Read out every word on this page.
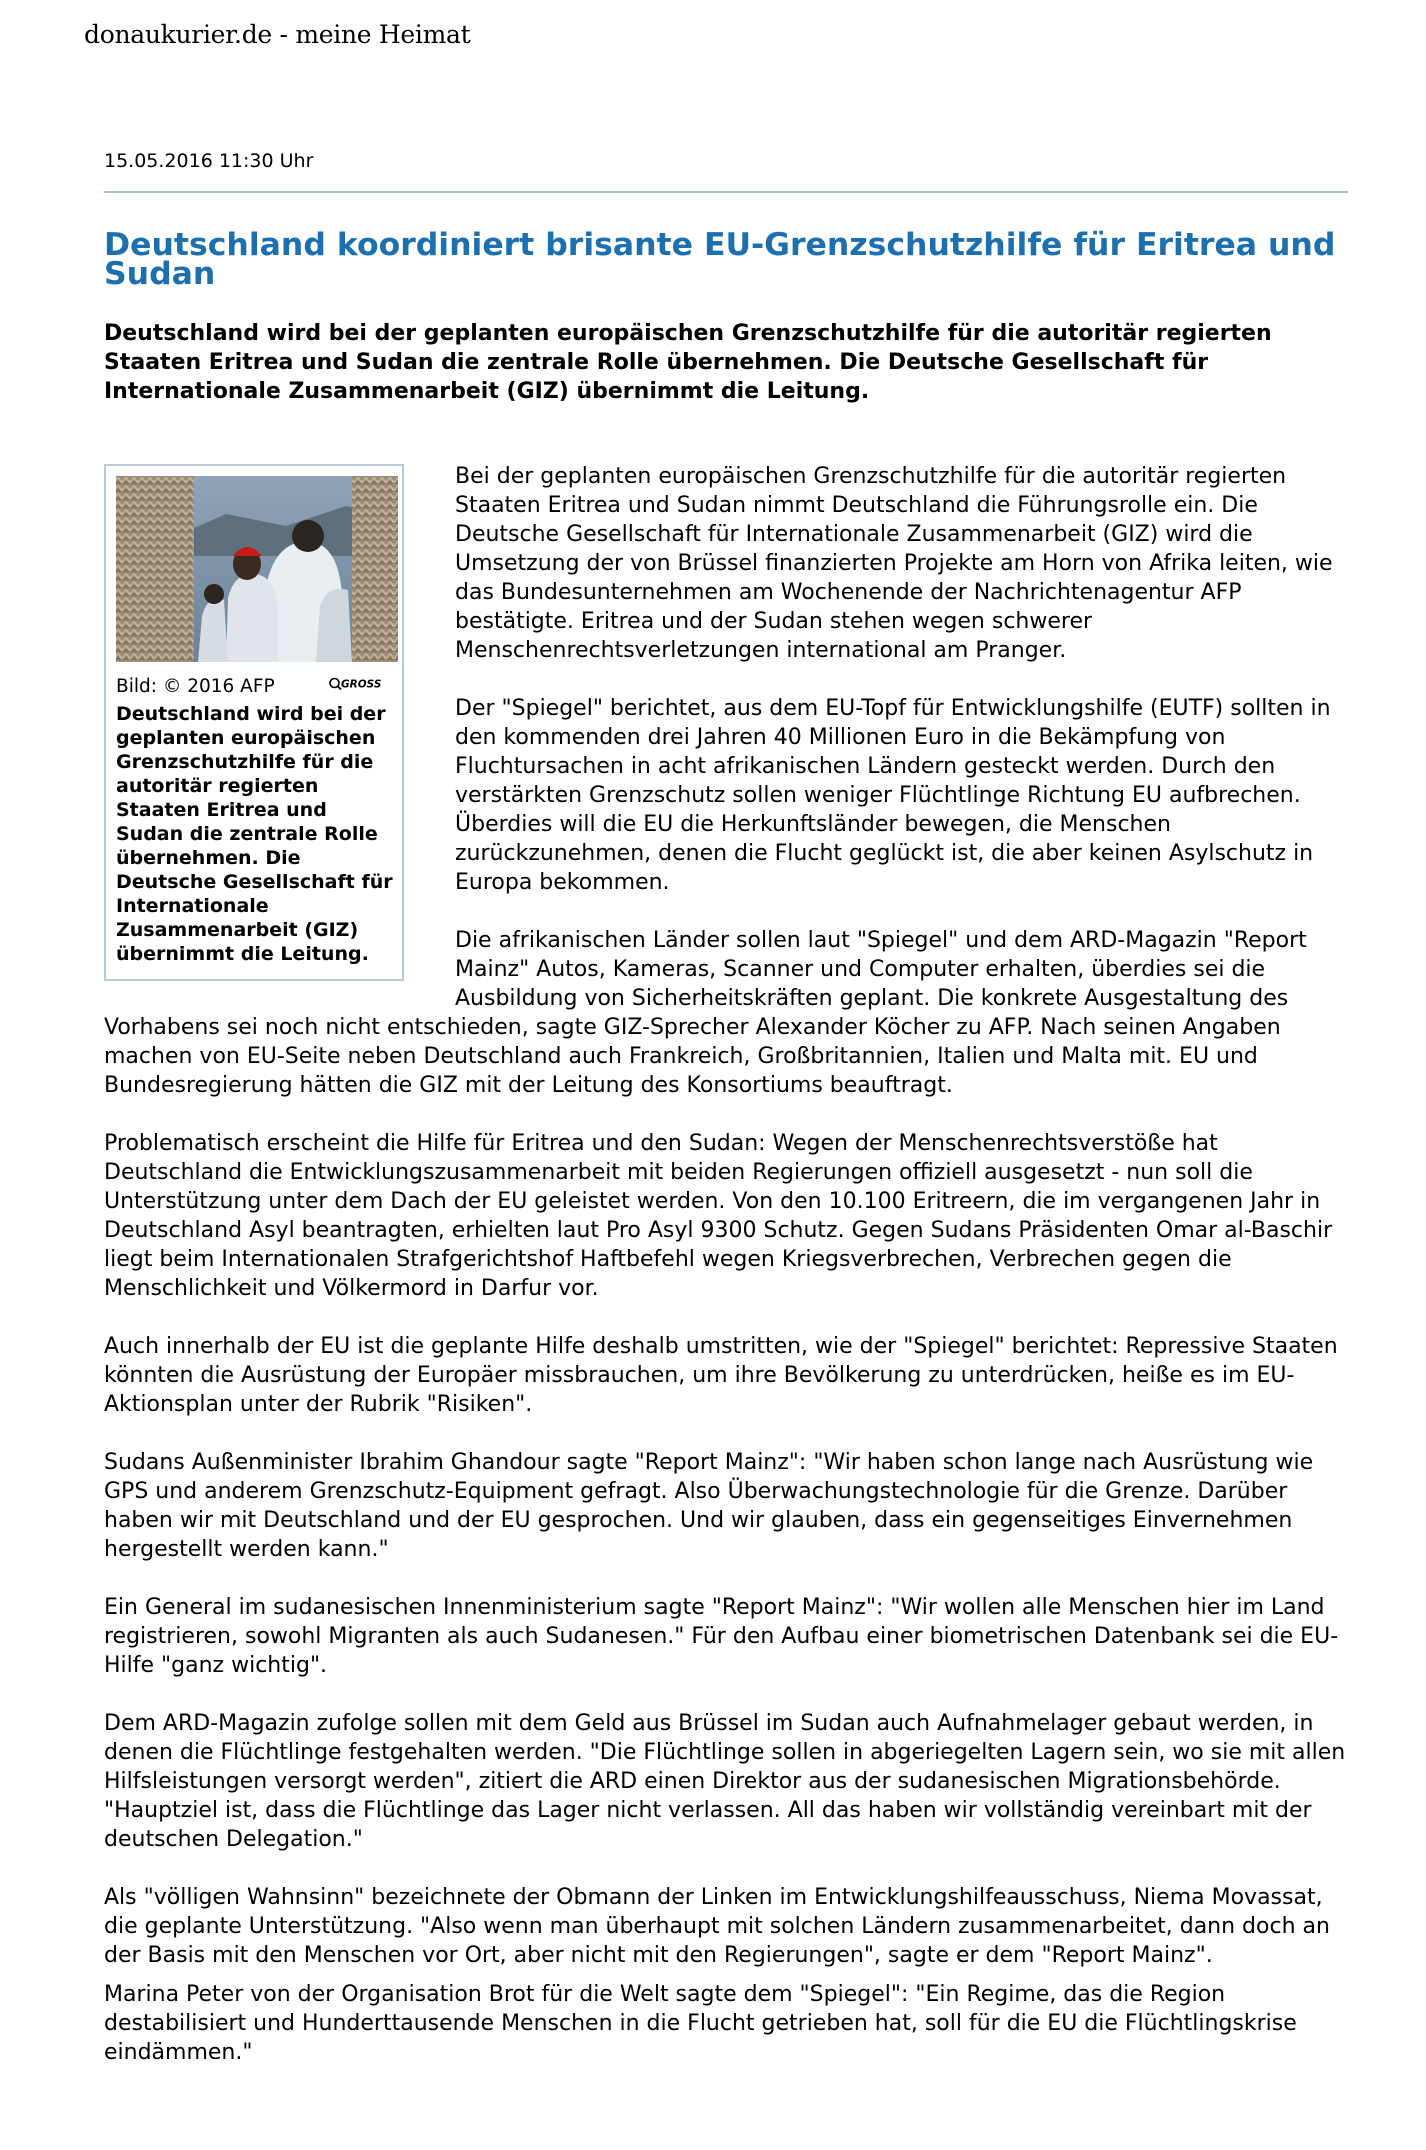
donaukurier.de - meine Heimat
15.05.2016 11:30 Uhr
Deutschland koordiniert brisante EU-Grenzschutzhilfe für Eritrea und Sudan

Deutschland wird bei der geplanten europäischen Grenzschutzhilfe für die autoritär regierten Staaten Eritrea und Sudan die zentrale Rolle übernehmen. Die Deutsche Gesellschaft für Internationale Zusammenarbeit (GIZ) übernimmt die Leitung.

Bild: © 2016 AFP	GROSS
Deutschland wird bei der geplanten europäischen Grenzschutzhilfe für die autoritär regierten Staaten Eritrea und Sudan die zentrale Rolle übernehmen. Die Deutsche Gesellschaft für Internationale Zusammenarbeit (GIZ) übernimmt die Leitung.

Bei der geplanten europäischen Grenzschutzhilfe für die autoritär regierten Staaten Eritrea und Sudan nimmt Deutschland die Führungsrolle ein. Die Deutsche Gesellschaft für Internationale Zusammenarbeit (GIZ) wird die Umsetzung der von Brüssel finanzierten Projekte am Horn von Afrika leiten, wie das Bundesunternehmen am Wochenende der Nachrichtenagentur AFP bestätigte. Eritrea und der Sudan stehen wegen schwerer Menschenrechtsverletzungen international am Pranger.

Der "Spiegel" berichtet, aus dem EU-Topf für Entwicklungshilfe (EUTF) sollten in den kommenden drei Jahren 40 Millionen Euro in die Bekämpfung von Fluchtursachen in acht afrikanischen Ländern gesteckt werden. Durch den verstärkten Grenzschutz sollen weniger Flüchtlinge Richtung EU aufbrechen. Überdies will die EU die Herkunftsländer bewegen, die Menschen zurückzunehmen, denen die Flucht geglückt ist, die aber keinen Asylschutz in Europa bekommen.

Die afrikanischen Länder sollen laut "Spiegel" und dem ARD-Magazin "Report Mainz" Autos, Kameras, Scanner und Computer erhalten, überdies sei die Ausbildung von Sicherheitskräften geplant. Die konkrete Ausgestaltung des Vorhabens sei noch nicht entschieden, sagte GIZ-Sprecher Alexander Köcher zu AFP. Nach seinen Angaben machen von EU-Seite neben Deutschland auch Frankreich, Großbritannien, Italien und Malta mit. EU und Bundesregierung hätten die GIZ mit der Leitung des Konsortiums beauftragt.

Problematisch erscheint die Hilfe für Eritrea und den Sudan: Wegen der Menschenrechtsverstöße hat Deutschland die Entwicklungszusammenarbeit mit beiden Regierungen offiziell ausgesetzt - nun soll die Unterstützung unter dem Dach der EU geleistet werden. Von den 10.100 Eritreern, die im vergangenen Jahr in Deutschland Asyl beantragten, erhielten laut Pro Asyl 9300 Schutz. Gegen Sudans Präsidenten Omar al-Baschir liegt beim Internationalen Strafgerichtshof Haftbefehl wegen Kriegsverbrechen, Verbrechen gegen die Menschlichkeit und Völkermord in Darfur vor.

Auch innerhalb der EU ist die geplante Hilfe deshalb umstritten, wie der "Spiegel" berichtet: Repressive Staaten könnten die Ausrüstung der Europäer missbrauchen, um ihre Bevölkerung zu unterdrücken, heiße es im EU-Aktionsplan unter der Rubrik "Risiken".

Sudans Außenminister Ibrahim Ghandour sagte "Report Mainz": "Wir haben schon lange nach Ausrüstung wie GPS und anderem Grenzschutz-Equipment gefragt. Also Überwachungstechnologie für die Grenze. Darüber haben wir mit Deutschland und der EU gesprochen. Und wir glauben, dass ein gegenseitiges Einvernehmen hergestellt werden kann."

Ein General im sudanesischen Innenministerium sagte "Report Mainz": "Wir wollen alle Menschen hier im Land registrieren, sowohl Migranten als auch Sudanesen." Für den Aufbau einer biometrischen Datenbank sei die EU-Hilfe "ganz wichtig".

Dem ARD-Magazin zufolge sollen mit dem Geld aus Brüssel im Sudan auch Aufnahmelager gebaut werden, in denen die Flüchtlinge festgehalten werden. "Die Flüchtlinge sollen in abgeriegelten Lagern sein, wo sie mit allen Hilfsleistungen versorgt werden", zitiert die ARD einen Direktor aus der sudanesischen Migrationsbehörde. "Hauptziel ist, dass die Flüchtlinge das Lager nicht verlassen. All das haben wir vollständig vereinbart mit der deutschen Delegation."

Als "völligen Wahnsinn" bezeichnete der Obmann der Linken im Entwicklungshilfeausschuss, Niema Movassat, die geplante Unterstützung. "Also wenn man überhaupt mit solchen Ländern zusammenarbeitet, dann doch an der Basis mit den Menschen vor Ort, aber nicht mit den Regierungen", sagte er dem "Report Mainz".

Marina Peter von der Organisation Brot für die Welt sagte dem "Spiegel": "Ein Regime, das die Region destabilisiert und Hunderttausende Menschen in die Flucht getrieben hat, soll für die EU die Flüchtlingskrise eindämmen."
